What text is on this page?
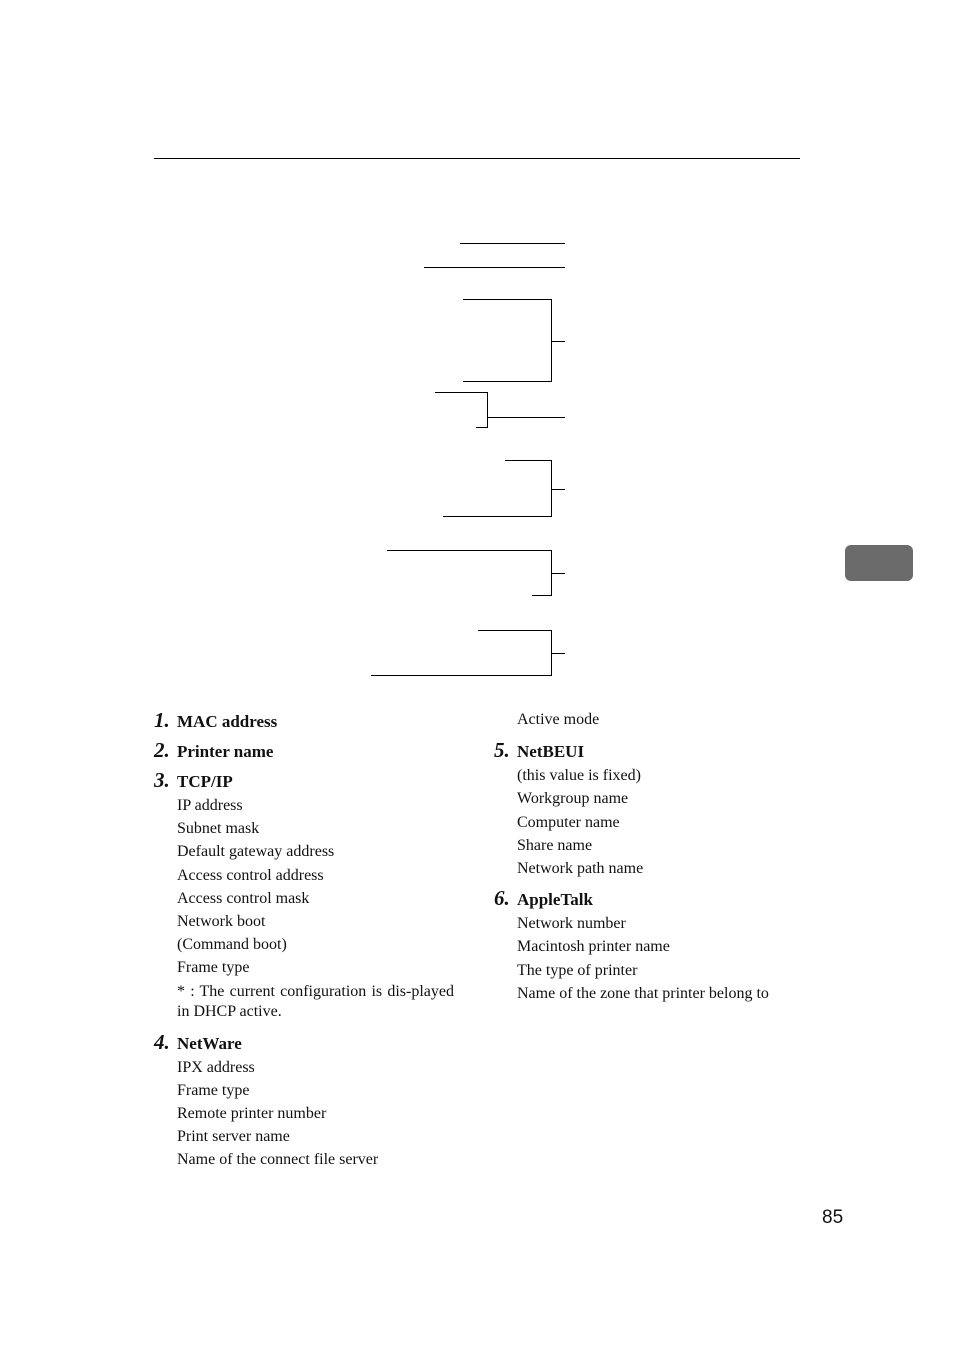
1. MAC address
2. Printer name
3. TCP/IP
IP address
Subnet mask
Default gateway address
Access control address
Access control mask
Network boot
(Command boot)
Frame type

* : The current configuration is dis-played in DHCP active.

4. NetWare
IPX address
Frame type
Remote printer number
Print server name
Name of the connect file server
Active mode
5. NetBEUI
(this value is fixed)
Workgroup name
Computer name
Share name
Network path name
6. AppleTalk
Network number
Macintosh printer name
The type of printer
Name of the zone that printer belong to
85
